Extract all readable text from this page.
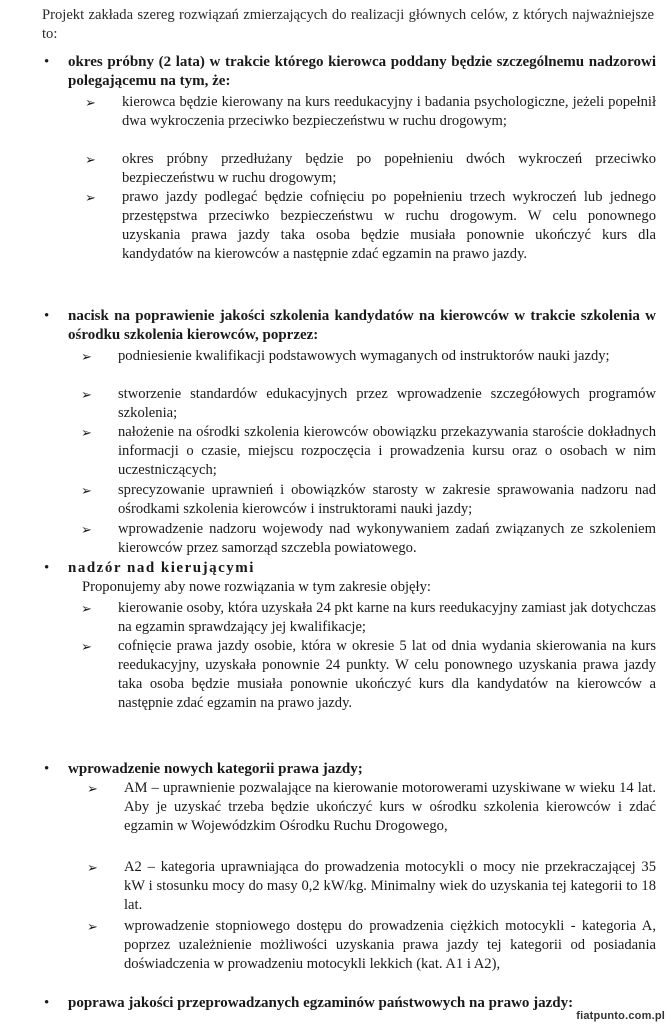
Projekt zakłada szereg rozwiązań zmierzających do realizacji głównych celów, z których najważniejsze to:
• okres próbny (2 lata) w trakcie którego kierowca poddany będzie szczególnemu nadzorowi polegającemu na tym, że:
➢ kierowca będzie kierowany na kurs reedukacyjny i badania psychologiczne, jeżeli popełnił dwa wykroczenia przeciwko bezpieczeństwu w ruchu drogowym;
➢ okres próbny przedłużany będzie po popełnieniu dwóch wykroczeń przeciwko bezpieczeństwu w ruchu drogowym;
➢ prawo jazdy podlegać będzie cofnięciu po popełnieniu trzech wykroczeń lub jednego przestępstwa przeciwko bezpieczeństwu w ruchu drogowym. W celu ponownego uzyskania prawa jazdy taka osoba będzie musiała ponownie ukończyć kurs dla kandydatów na kierowców a następnie zdać egzamin na prawo jazdy.
• nacisk na poprawienie jakości szkolenia kandydatów na kierowców w trakcie szkolenia w ośrodku szkolenia kierowców, poprzez:
➢ podniesienie kwalifikacji podstawowych wymaganych od instruktorów nauki jazdy;
➢ stworzenie standardów edukacyjnych przez wprowadzenie szczegółowych programów szkolenia;
➢ nałożenie na ośrodki szkolenia kierowców obowiązku przekazywania staroście dokładnych informacji o czasie, miejscu rozpoczęcia i prowadzenia kursu oraz o osobach w nim uczestniczących;
➢ sprecyzowanie uprawnień i obowiązków starosty w zakresie sprawowania nadzoru nad ośrodkami szkolenia kierowców i instruktorami nauki jazdy;
➢ wprowadzenie nadzoru wojewody nad wykonywaniem zadań związanych ze szkoleniem kierowców przez samorząd szczebla powiatowego.
• nadzór nad kierującymi
Proponujemy aby nowe rozwiązania w tym zakresie objęły:
➢ kierowanie osoby, która uzyskała 24 pkt karne na kurs reedukacyjny zamiast jak dotychczas na egzamin sprawdzający jej kwalifikacje;
➢ cofnięcie prawa jazdy osobie, która w okresie 5 lat od dnia wydania skierowania na kurs reedukacyjny, uzyskała ponownie 24 punkty. W celu ponownego uzyskania prawa jazdy taka osoba będzie musiała ponownie ukończyć kurs dla kandydatów na kierowców a następnie zdać egzamin na prawo jazdy.
• wprowadzenie nowych kategorii prawa jazdy;
➢ AM – uprawnienie pozwalające na kierowanie motorowerami uzyskiwane w wieku 14 lat. Aby je uzyskać trzeba będzie ukończyć kurs w ośrodku szkolenia kierowców i zdać egzamin w Wojewódzkim Ośrodku Ruchu Drogowego,
➢ A2 – kategoria uprawniająca do prowadzenia motocykli o mocy nie przekraczającej 35 kW i stosunku mocy do masy 0,2 kW/kg. Minimalny wiek do uzyskania tej kategorii to 18 lat.
➢ wprowadzenie stopniowego dostępu do prowadzenia ciężkich motocykli - kategoria A, poprzez uzależnienie możliwości uzyskania prawa jazdy tej kategorii od posiadania doświadczenia w prowadzeniu motocykli lekkich (kat. A1 i A2),
• poprawa jakości przeprowadzanych egzaminów państwowych na prawo jazdy:
fiatpunto.com.pl
